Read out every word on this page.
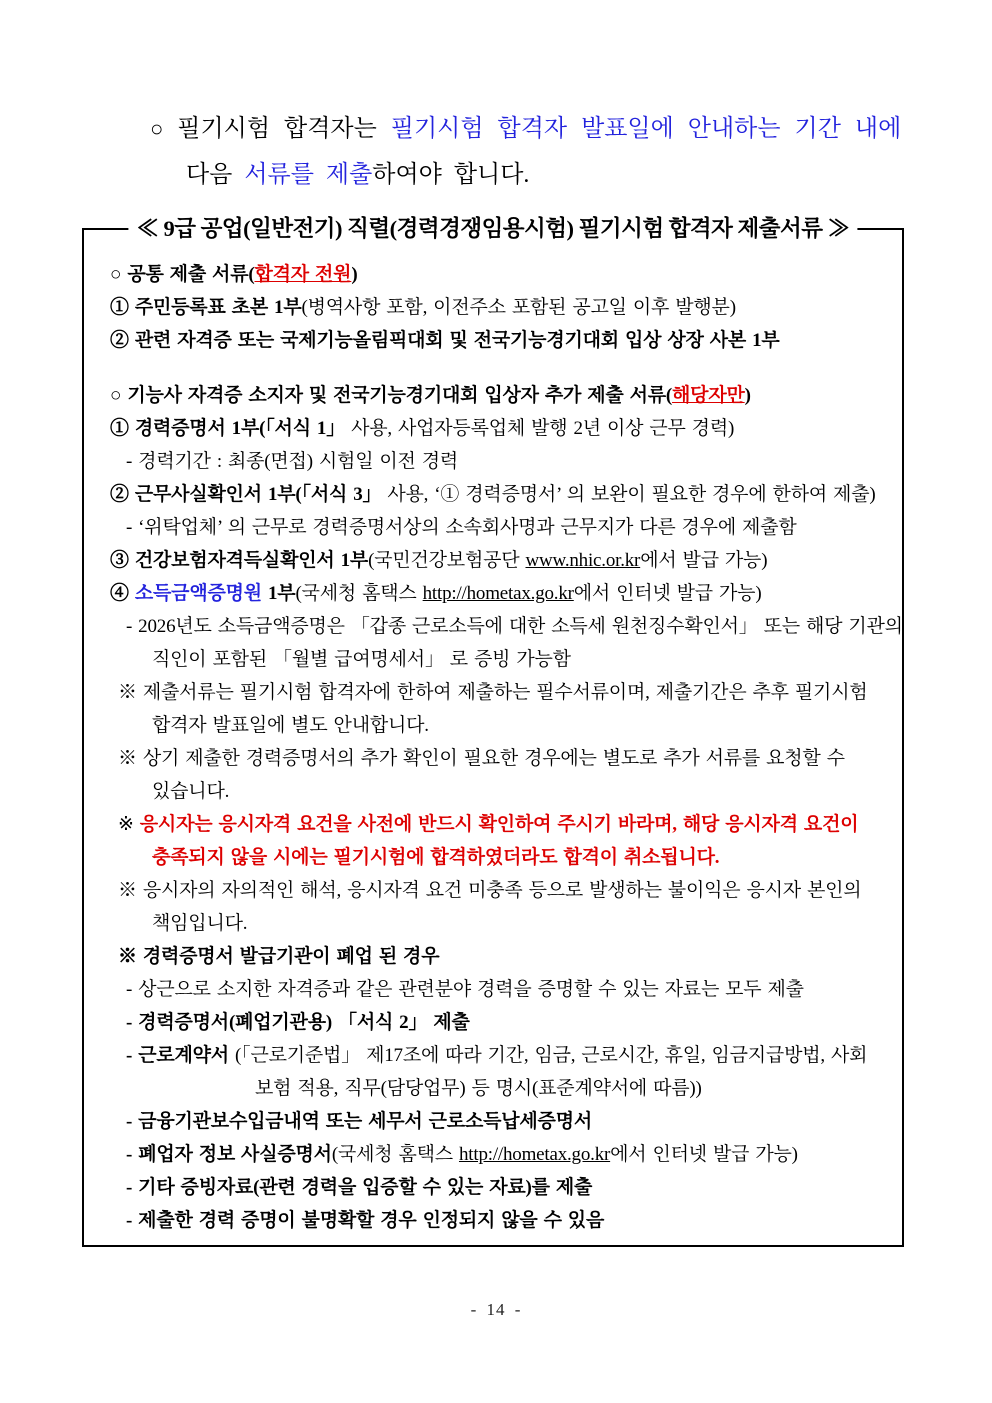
○ 필기시험 합격자는 필기시험 합격자 발표일에 안내하는 기간 내에
다음 서류를 제출하여야 합니다.
≪ 9급 공업(일반전기) 직렬(경력경쟁임용시험) 필기시험 합격자 제출서류 ≫
○ 공통 제출 서류(합격자 전원)
① 주민등록표 초본 1부(병역사항 포함, 이전주소 포함된 공고일 이후 발행분)
② 관련 자격증 또는 국제기능올림픽대회 및 전국기능경기대회 입상 상장 사본 1부
○ 기능사 자격증 소지자 및 전국기능경기대회 입상자 추가 제출 서류(해당자만)
① 경력증명서 1부(「서식 1」 사용, 사업자등록업체 발행 2년 이상 근무 경력)
- 경력기간 : 최종(면접) 시험일 이전 경력
② 근무사실확인서 1부(「서식 3」 사용, ‘① 경력증명서’ 의 보완이 필요한 경우에 한하여 제출)
- ‘위탁업체’ 의 근무로 경력증명서상의 소속회사명과 근무지가 다른 경우에 제출함
③ 건강보험자격득실확인서 1부(국민건강보험공단 www.nhic.or.kr에서 발급 가능)
④ 소득금액증명원 1부(국세청 홈택스 http://hometax.go.kr에서 인터넷 발급 가능)
- 2026년도 소득금액증명은 「갑종 근로소득에 대한 소득세 원천징수확인서」 또는 해당 기관의
직인이 포함된 「월별 급여명세서」 로 증빙 가능함
※ 제출서류는 필기시험 합격자에 한하여 제출하는 필수서류이며, 제출기간은 추후 필기시험
합격자 발표일에 별도 안내합니다.
※ 상기 제출한 경력증명서의 추가 확인이 필요한 경우에는 별도로 추가 서류를 요청할 수
있습니다.
※ 응시자는 응시자격 요건을 사전에 반드시 확인하여 주시기 바라며, 해당 응시자격 요건이
충족되지 않을 시에는 필기시험에 합격하였더라도 합격이 취소됩니다.
※ 응시자의 자의적인 해석, 응시자격 요건 미충족 등으로 발생하는 불이익은 응시자 본인의
책임입니다.
※ 경력증명서 발급기관이 폐업 된 경우
- 상근으로 소지한 자격증과 같은 관련분야 경력을 증명할 수 있는 자료는 모두 제출
- 경력증명서(폐업기관용) 「서식 2」 제출
- 근로계약서 (「근로기준법」 제17조에 따라 기간, 임금, 근로시간, 휴일, 임금지급방법, 사회
보험 적용, 직무(담당업무) 등 명시(표준계약서에 따름))
- 금융기관보수입금내역 또는 세무서 근로소득납세증명서
- 폐업자 정보 사실증명서(국세청 홈택스 http://hometax.go.kr에서 인터넷 발급 가능)
- 기타 증빙자료(관련 경력을 입증할 수 있는 자료)를 제출
- 제출한 경력 증명이 불명확할 경우 인정되지 않을 수 있음
- 14 -
